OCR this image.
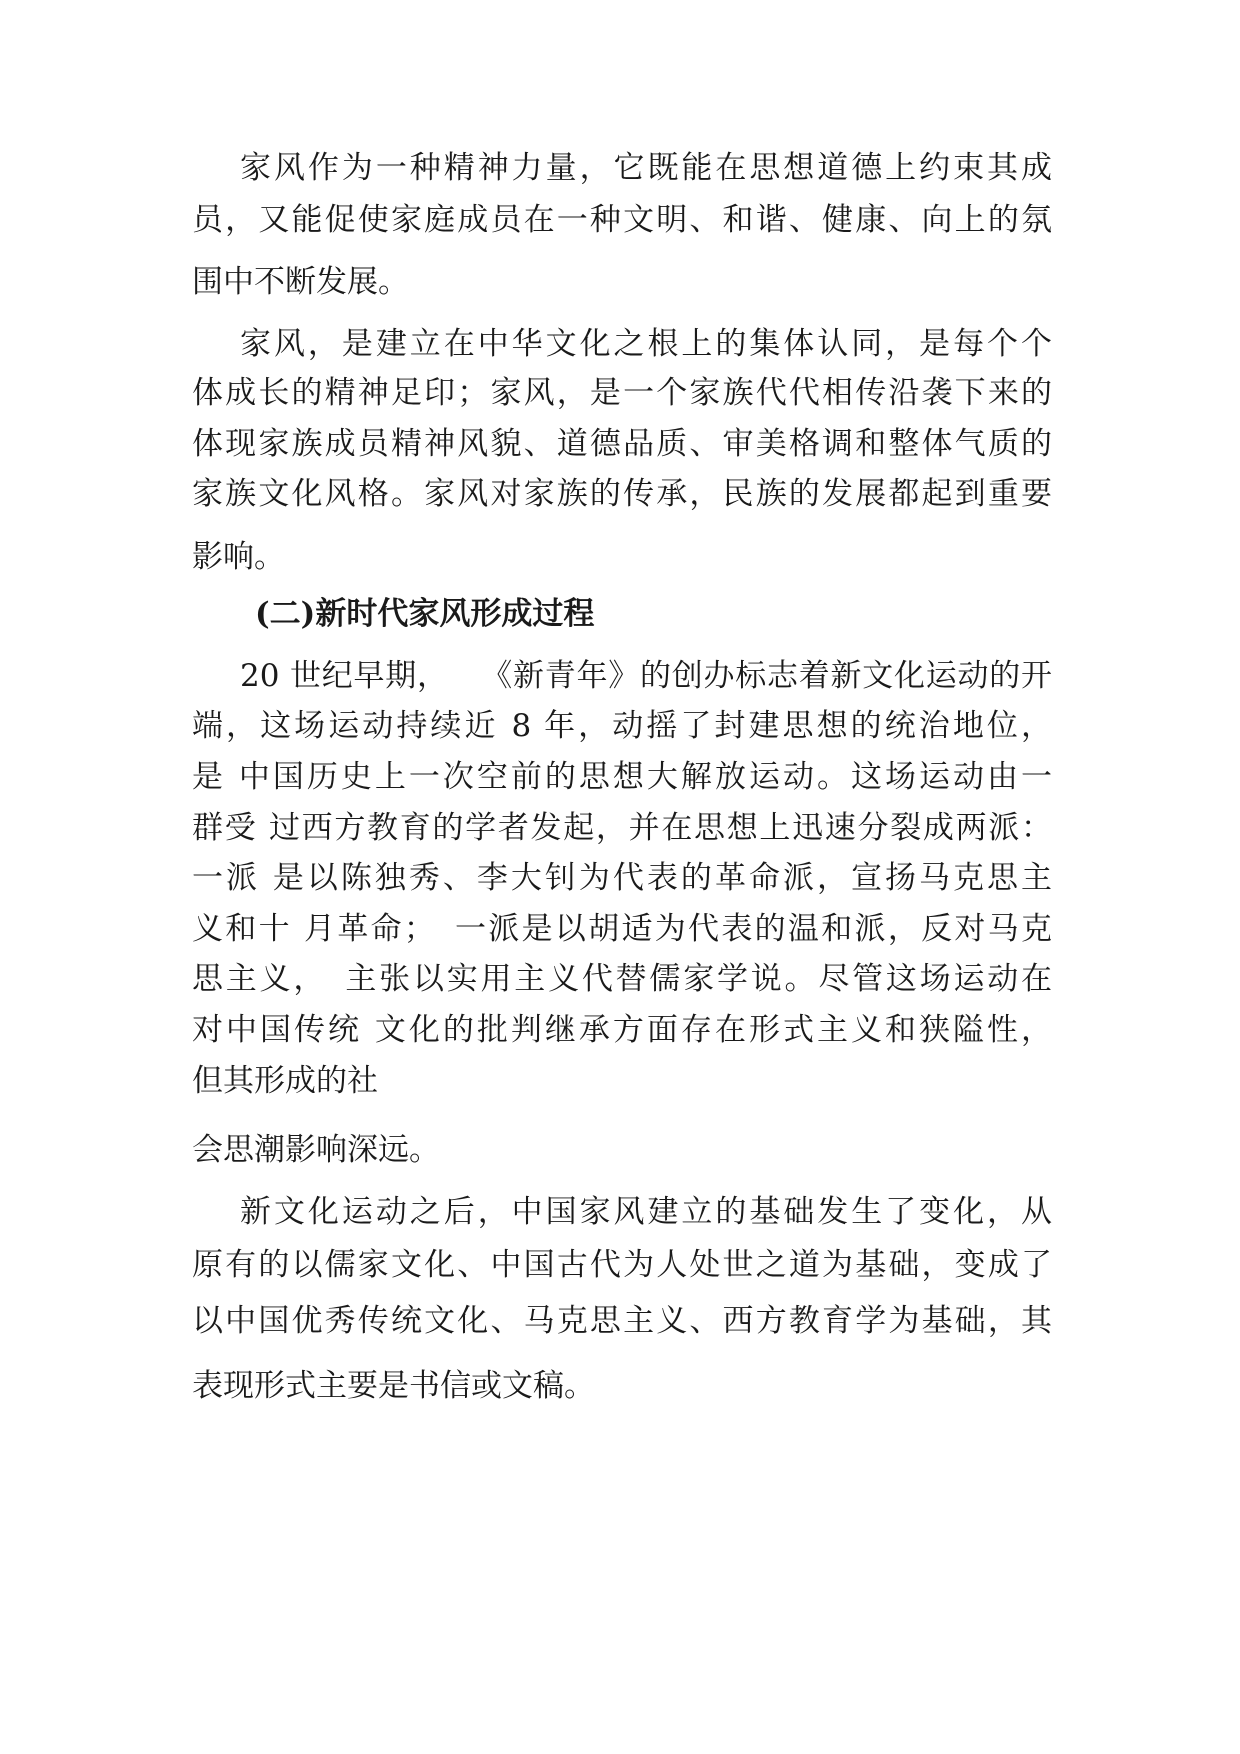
家风作为一种精神力量，它既能在思想道德上约束其成
员，又能促使家庭成员在一种文明、和谐、健康、向上的氛
围中不断发展。
家风，是建立在中华文化之根上的集体认同，是每个个
体成长的精神足印；家风，是一个家族代代相传沿袭下来的
体现家族成员精神风貌、道德品质、审美格调和整体气质的
家族文化风格。家风对家族的传承，民族的发展都起到重要
影响。
(二)新时代家风形成过程
20 世纪早期，　　《新青年》的创办标志着新文化运动的开
端，这场运动持续近 8 年，动摇了封建思想的统治地位，
是 中国历史上一次空前的思想大解放运动。这场运动由一
群受 过西方教育的学者发起，并在思想上迅速分裂成两派：
一派 是以陈独秀、李大钊为代表的革命派，宣扬马克思主
义和十 月革命；　一派是以胡适为代表的温和派，反对马克
思主义，　主张以实用主义代替儒家学说。尽管这场运动在
对中国传统 文化的批判继承方面存在形式主义和狭隘性，
但其形成的社
会思潮影响深远。
新文化运动之后，中国家风建立的基础发生了变化，从
原有的以儒家文化、中国古代为人处世之道为基础，变成了
以中国优秀传统文化、马克思主义、西方教育学为基础，其
表现形式主要是书信或文稿。
